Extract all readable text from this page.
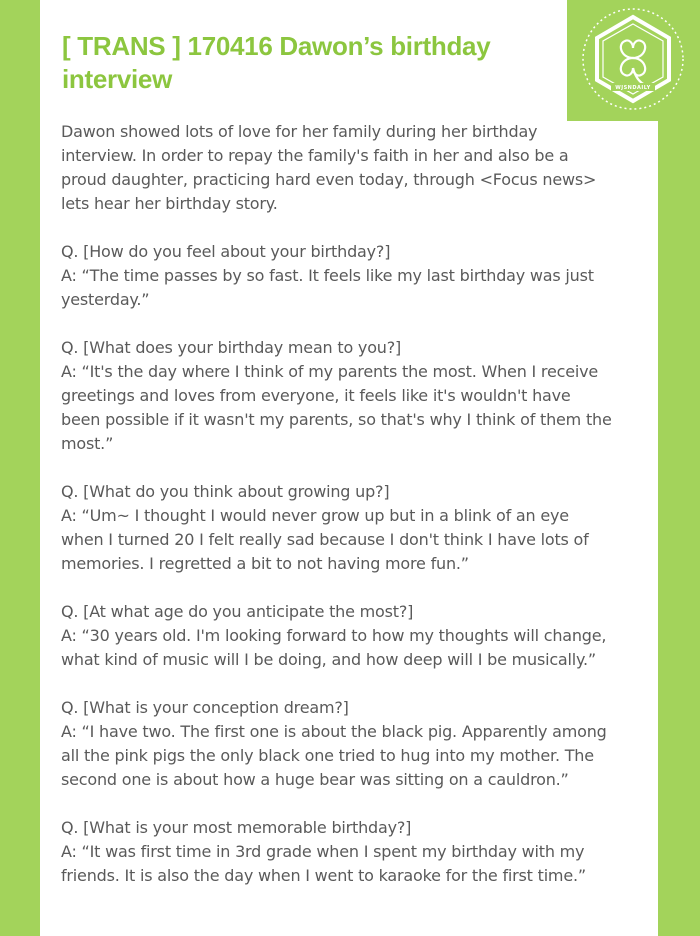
[ TRANS ] 170416 Dawon’s birthday
interview	WJSNDAILY

Dawon showed lots of love for her family during her birthday
interview. In order to repay the family's faith in her and also be a
proud daughter, practicing hard even today, through <Focus news>
lets hear her birthday story.

Q. [How do you feel about your birthday?]
A: “The time passes by so fast. It feels like my last birthday was just
yesterday.”

Q. [What does your birthday mean to you?]
A: “It's the day where I think of my parents the most. When I receive
greetings and loves from everyone, it feels like it's wouldn't have
been possible if it wasn't my parents, so that's why I think of them the
most.”

Q. [What do you think about growing up?]
A: “Um~ I thought I would never grow up but in a blink of an eye
when I turned 20 I felt really sad because I don't think I have lots of
memories. I regretted a bit to not having more fun.”

Q. [At what age do you anticipate the most?]
A: “30 years old. I'm looking forward to how my thoughts will change,
what kind of music will I be doing, and how deep will I be musically.”

Q. [What is your conception dream?]
A: “I have two. The first one is about the black pig. Apparently among
all the pink pigs the only black one tried to hug into my mother. The
second one is about how a huge bear was sitting on a cauldron.”

Q. [What is your most memorable birthday?]
A: “It was first time in 3rd grade when I spent my birthday with my
friends. It is also the day when I went to karaoke for the first time.”
